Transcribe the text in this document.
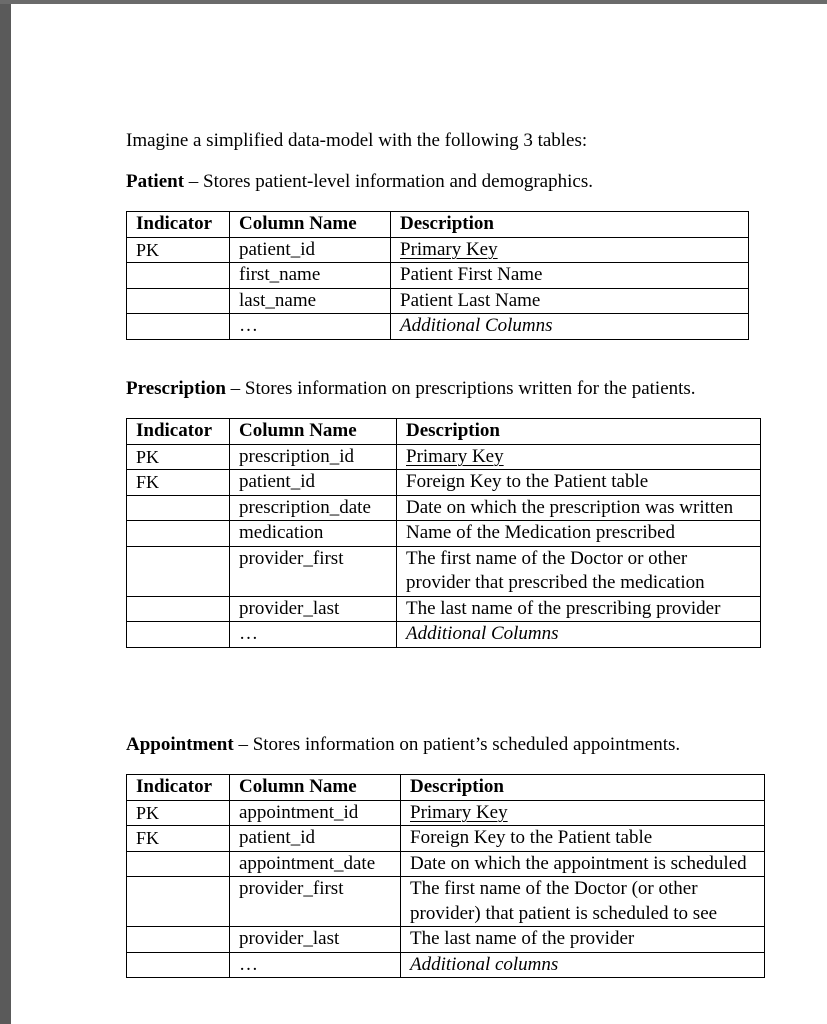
Imagine a simplified data-model with the following 3 tables:

Patient – Stores patient-level information and demographics.

Indicator	Column Name	Description
PK	patient_id	Primary Key
	first_name	Patient First Name
	last_name	Patient Last Name
	…	Additional Columns

Prescription – Stores information on prescriptions written for the patients.

Indicator	Column Name	Description
PK	prescription_id	Primary Key
FK	patient_id	Foreign Key to the Patient table
	prescription_date	Date on which the prescription was written
	medication	Name of the Medication prescribed
	provider_first	The first name of the Doctor or other provider that prescribed the medication
	provider_last	The last name of the prescribing provider
	…	Additional Columns

Appointment – Stores information on patient’s scheduled appointments.

Indicator	Column Name	Description
PK	appointment_id	Primary Key
FK	patient_id	Foreign Key to the Patient table
	appointment_date	Date on which the appointment is scheduled
	provider_first	The first name of the Doctor (or other provider) that patient is scheduled to see
	provider_last	The last name of the provider
	…	Additional columns
